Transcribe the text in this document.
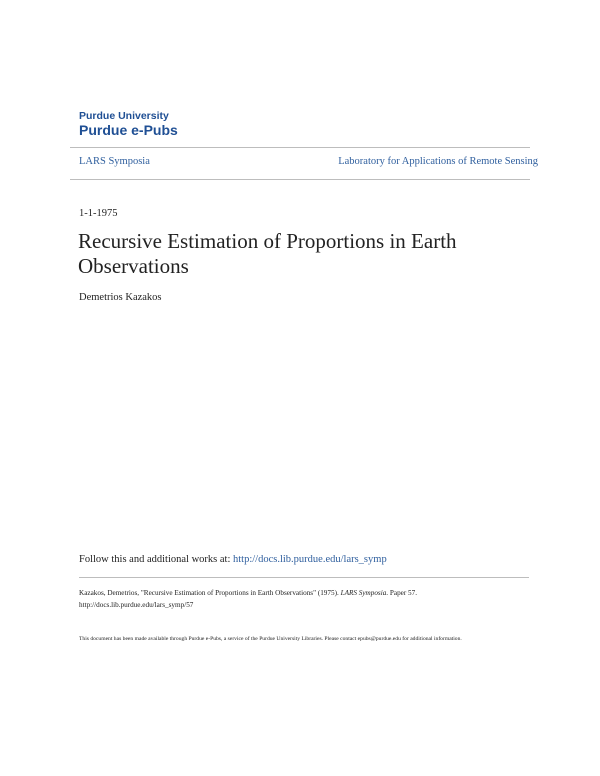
Purdue University
Purdue e-Pubs
LARS Symposia	Laboratory for Applications of Remote Sensing
1-1-1975
Recursive Estimation of Proportions in Earth Observations
Demetrios Kazakos
Follow this and additional works at: http://docs.lib.purdue.edu/lars_symp
Kazakos, Demetrios, "Recursive Estimation of Proportions in Earth Observations" (1975). LARS Symposia. Paper 57.
http://docs.lib.purdue.edu/lars_symp/57
This document has been made available through Purdue e-Pubs, a service of the Purdue University Libraries. Please contact epubs@purdue.edu for additional information.
